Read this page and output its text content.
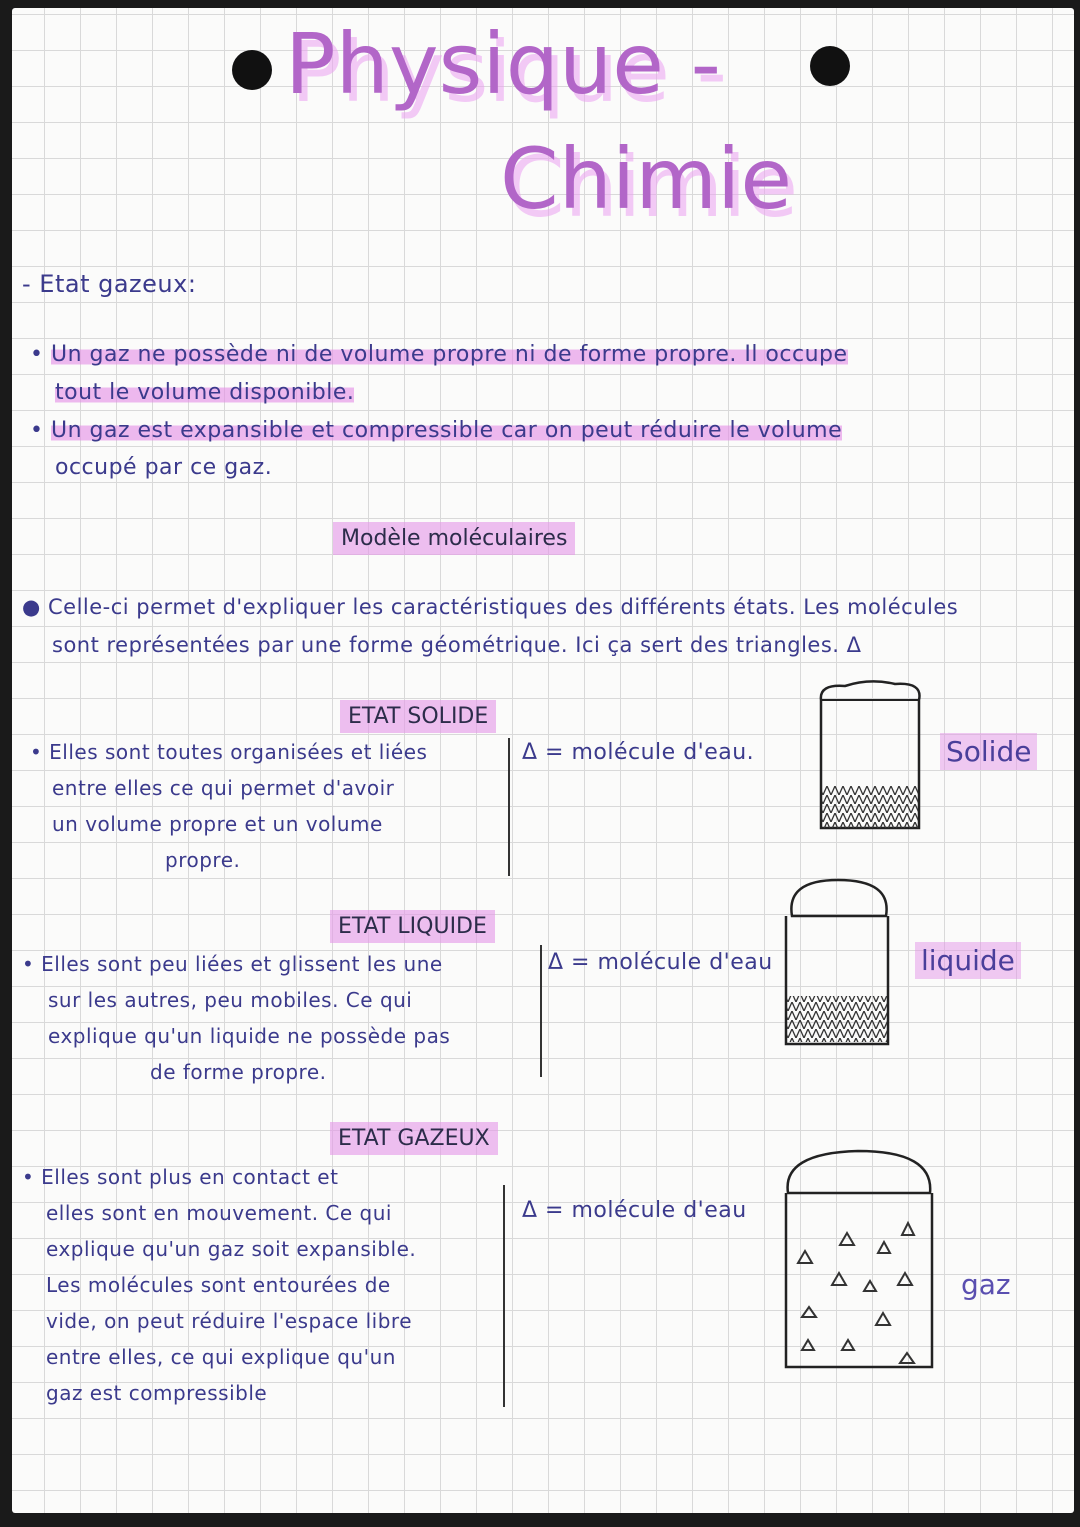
Physique -
Chimie
- Etat gazeux:
• Un gaz ne possède ni de volume propre ni de forme propre. Il occupe
tout le volume disponible.
• Un gaz est expansible et compressible car on peut réduire le volume
occupé par ce gaz.
Modèle moléculaires
● Celle-ci permet d'expliquer les caractéristiques des différents états. Les molécules
sont représentées par une forme géométrique. Ici ça sert des triangles. Δ
ETAT SOLIDE
• Elles sont toutes organisées et liées
entre elles ce qui permet d'avoir
un volume propre et un volume
propre.
Δ = molécule d'eau.	Solide
ETAT LIQUIDE
• Elles sont peu liées et glissent les une
sur les autres, peu mobiles. Ce qui
explique qu'un liquide ne possède pas
de forme propre.
Δ = molécule d'eau	liquide
ETAT GAZEUX
• Elles sont plus en contact et
elles sont en mouvement. Ce qui
explique qu'un gaz soit expansible.
Les molécules sont entourées de
vide, on peut réduire l'espace libre
entre elles, ce qui explique qu'un
gaz est compressible
Δ = molécule d'eau
gaz
